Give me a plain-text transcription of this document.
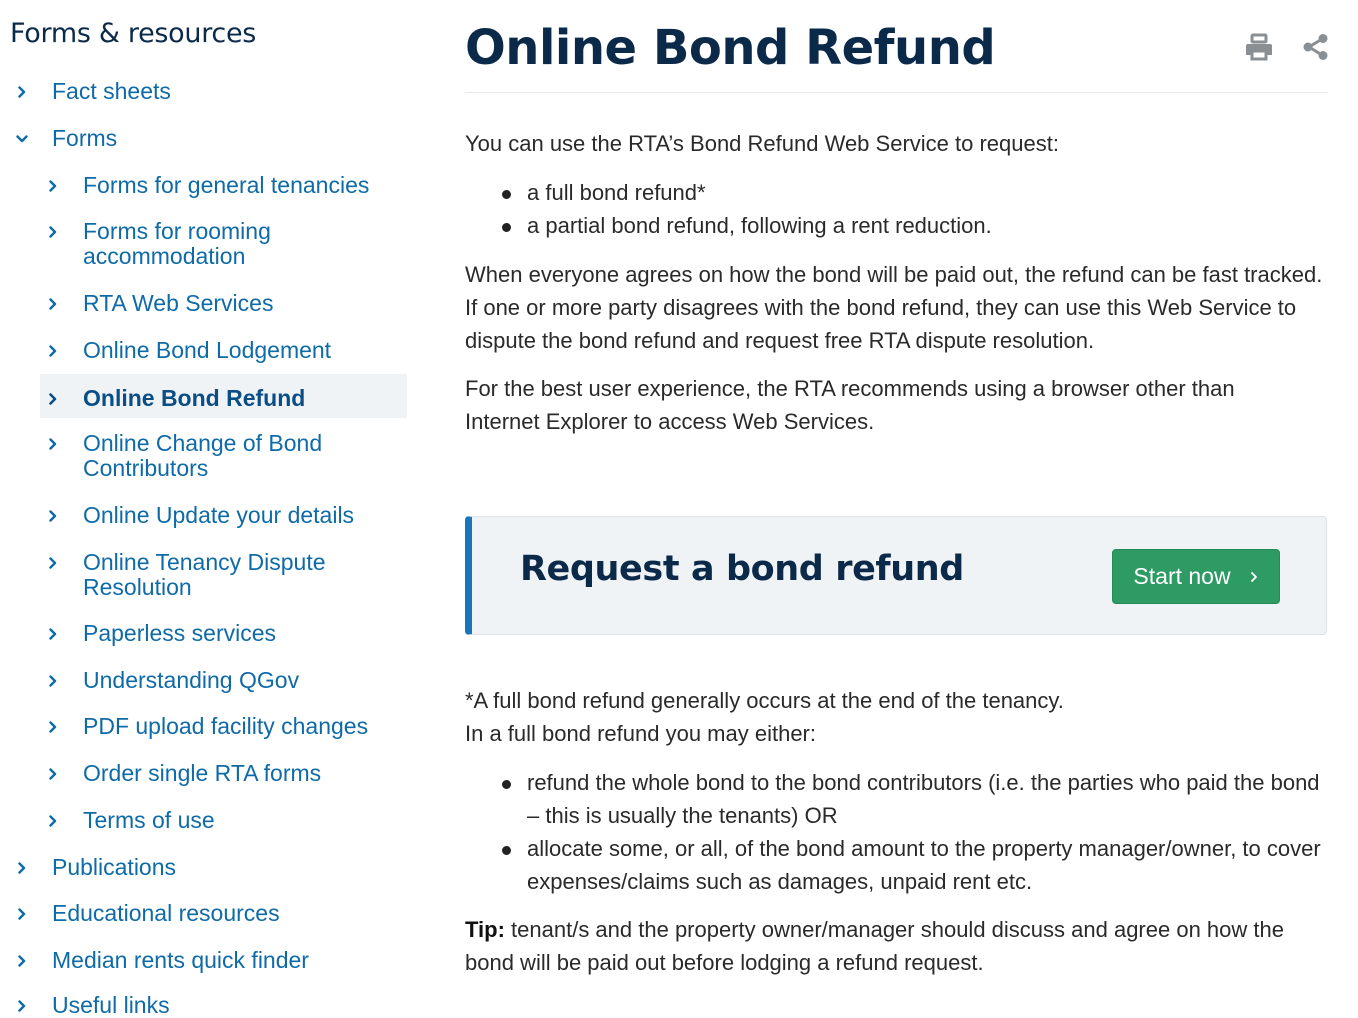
Forms & resources
Fact sheets
Forms
Forms for general tenancies
Forms for rooming accommodation
RTA Web Services
Online Bond Lodgement
Online Bond Refund
Online Change of Bond Contributors
Online Update your details
Online Tenancy Dispute Resolution
Paperless services
Understanding QGov
PDF upload facility changes
Order single RTA forms
Terms of use
Publications
Educational resources
Median rents quick finder
Useful links
Online Bond Refund

You can use the RTA’s Bond Refund Web Service to request:

a full bond refund*
a partial bond refund, following a rent reduction.

When everyone agrees on how the bond will be paid out, the refund can be fast tracked. If one or more party disagrees with the bond refund, they can use this Web Service to dispute the bond refund and request free RTA dispute resolution.

For the best user experience, the RTA recommends using a browser other than Internet Explorer to access Web Services.

Request a bond refund	Start now

*A full bond refund generally occurs at the end of the tenancy.

In a full bond refund you may either:

refund the whole bond to the bond contributors (i.e. the parties who paid the bond – this is usually the tenants) OR
allocate some, or all, of the bond amount to the property manager/owner, to cover expenses/claims such as damages, unpaid rent etc.

Tip: tenant/s and the property owner/manager should discuss and agree on how the bond will be paid out before lodging a refund request.
